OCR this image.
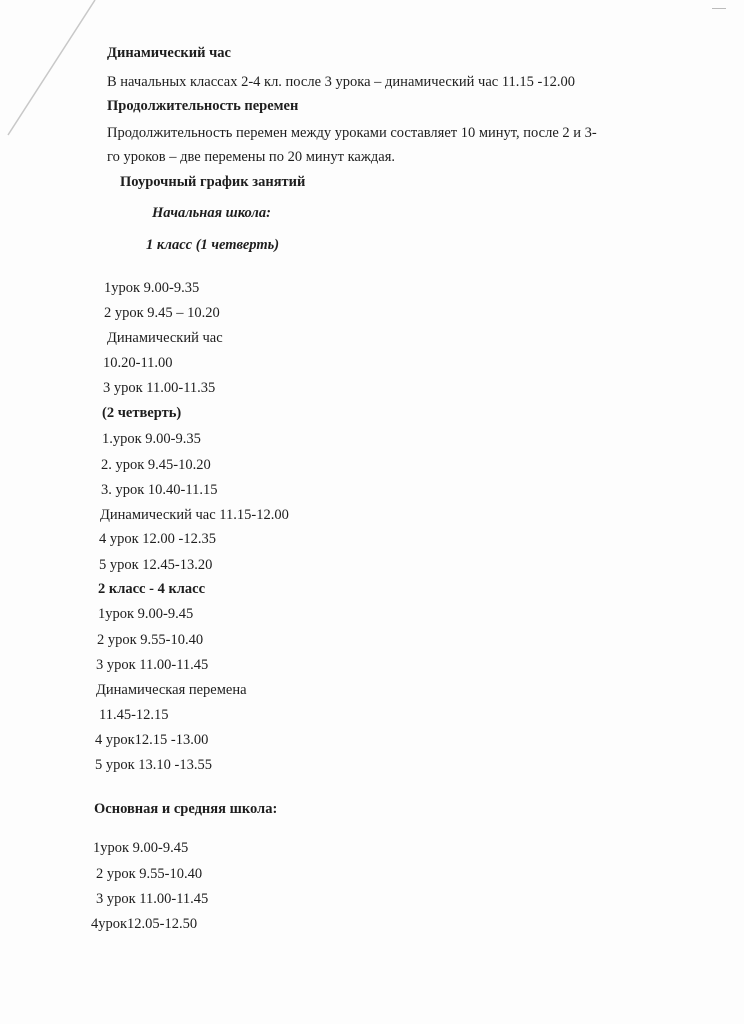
Динамический час
В начальных классах 2-4 кл. после 3 урока – динамический час 11.15 -12.00
Продолжительность перемен
Продолжительность перемен между уроками составляет 10 минут, после 2 и 3-
го уроков – две перемены по 20 минут каждая.
Поурочный график занятий
Начальная школа:
1 класс (1 четверть)
1урок 9.00-9.35
2 урок 9.45 – 10.20
Динамический час
10.20-11.00
3 урок 11.00-11.35
(2 четверть)
1.урок 9.00-9.35
2. урок 9.45-10.20
3. урок 10.40-11.15
Динамический час 11.15-12.00
4 урок 12.00 -12.35
5 урок 12.45-13.20
2 класс - 4 класс
1урок 9.00-9.45
2 урок 9.55-10.40
3 урок 11.00-11.45
Динамическая перемена
11.45-12.15
4 урок12.15 -13.00
5 урок 13.10 -13.55
Основная и средняя школа:
1урок 9.00-9.45
2 урок 9.55-10.40
3 урок 11.00-11.45
4урок12.05-12.50
